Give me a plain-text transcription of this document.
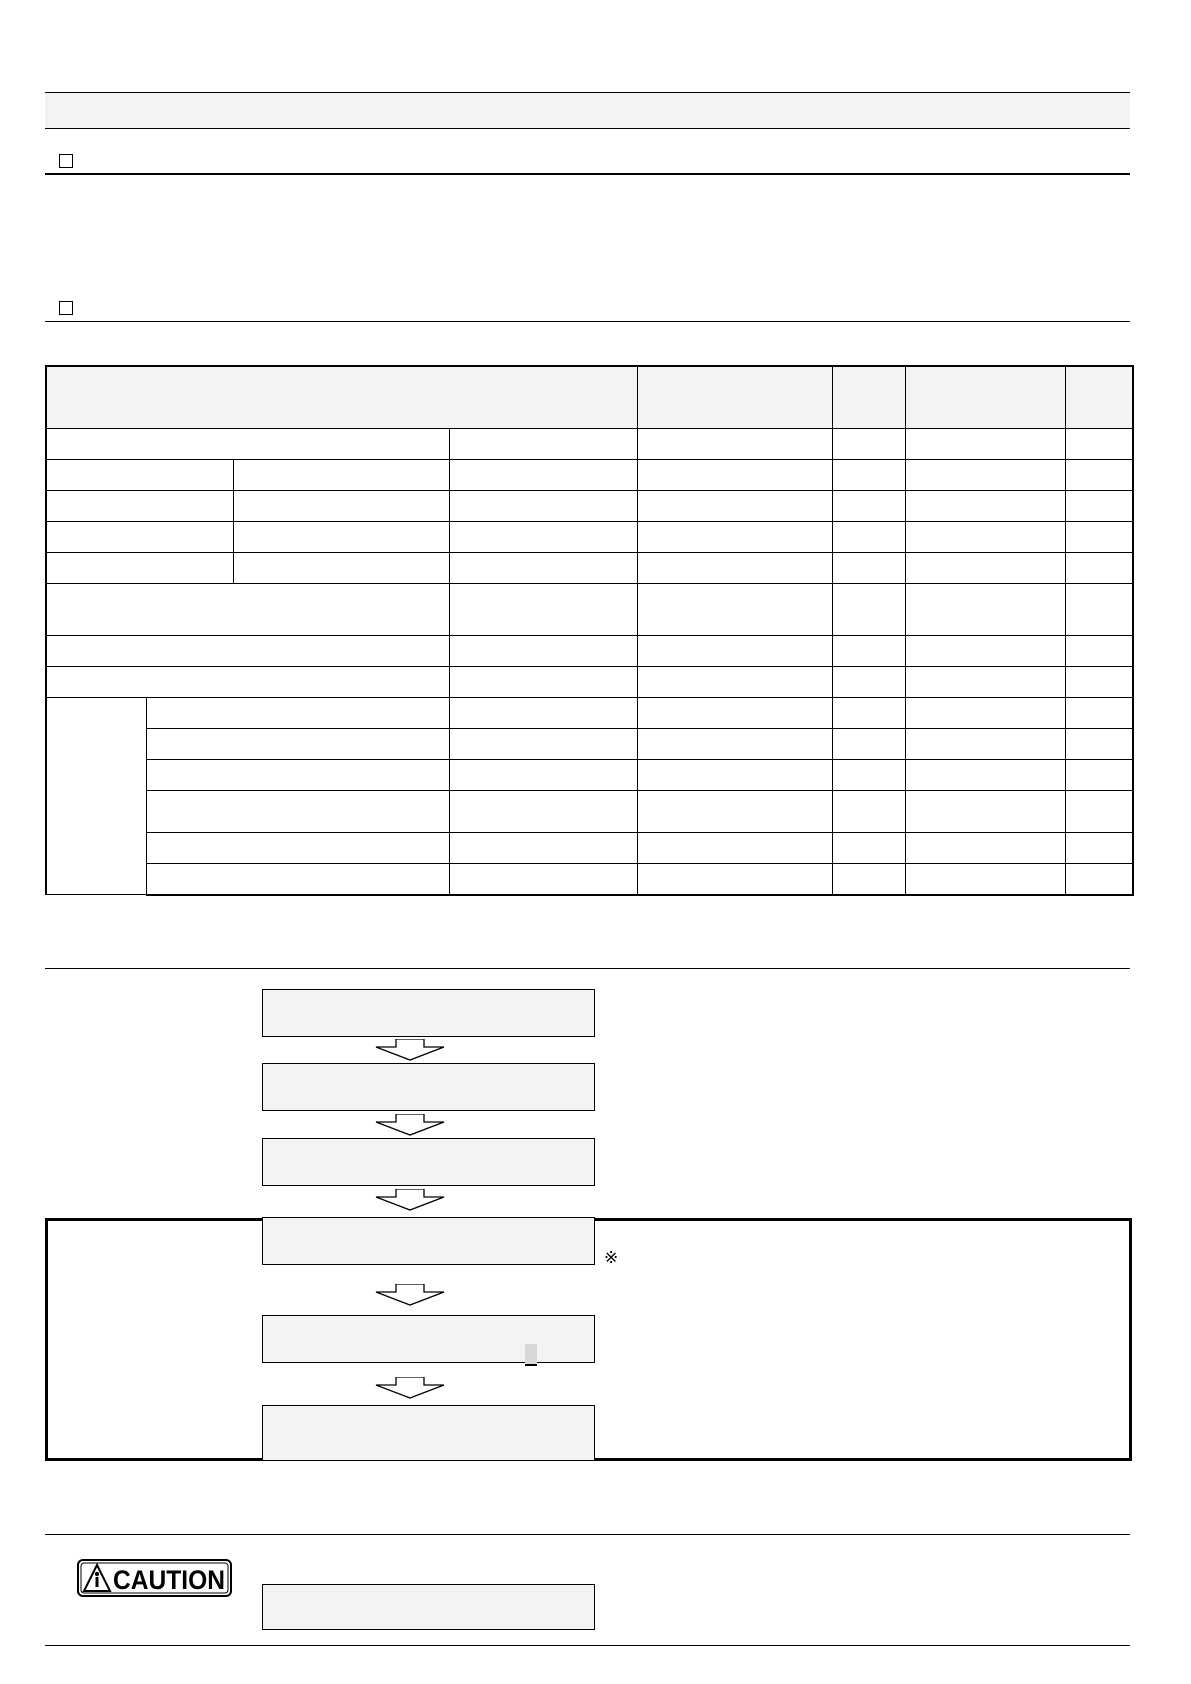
※
CAUTION
